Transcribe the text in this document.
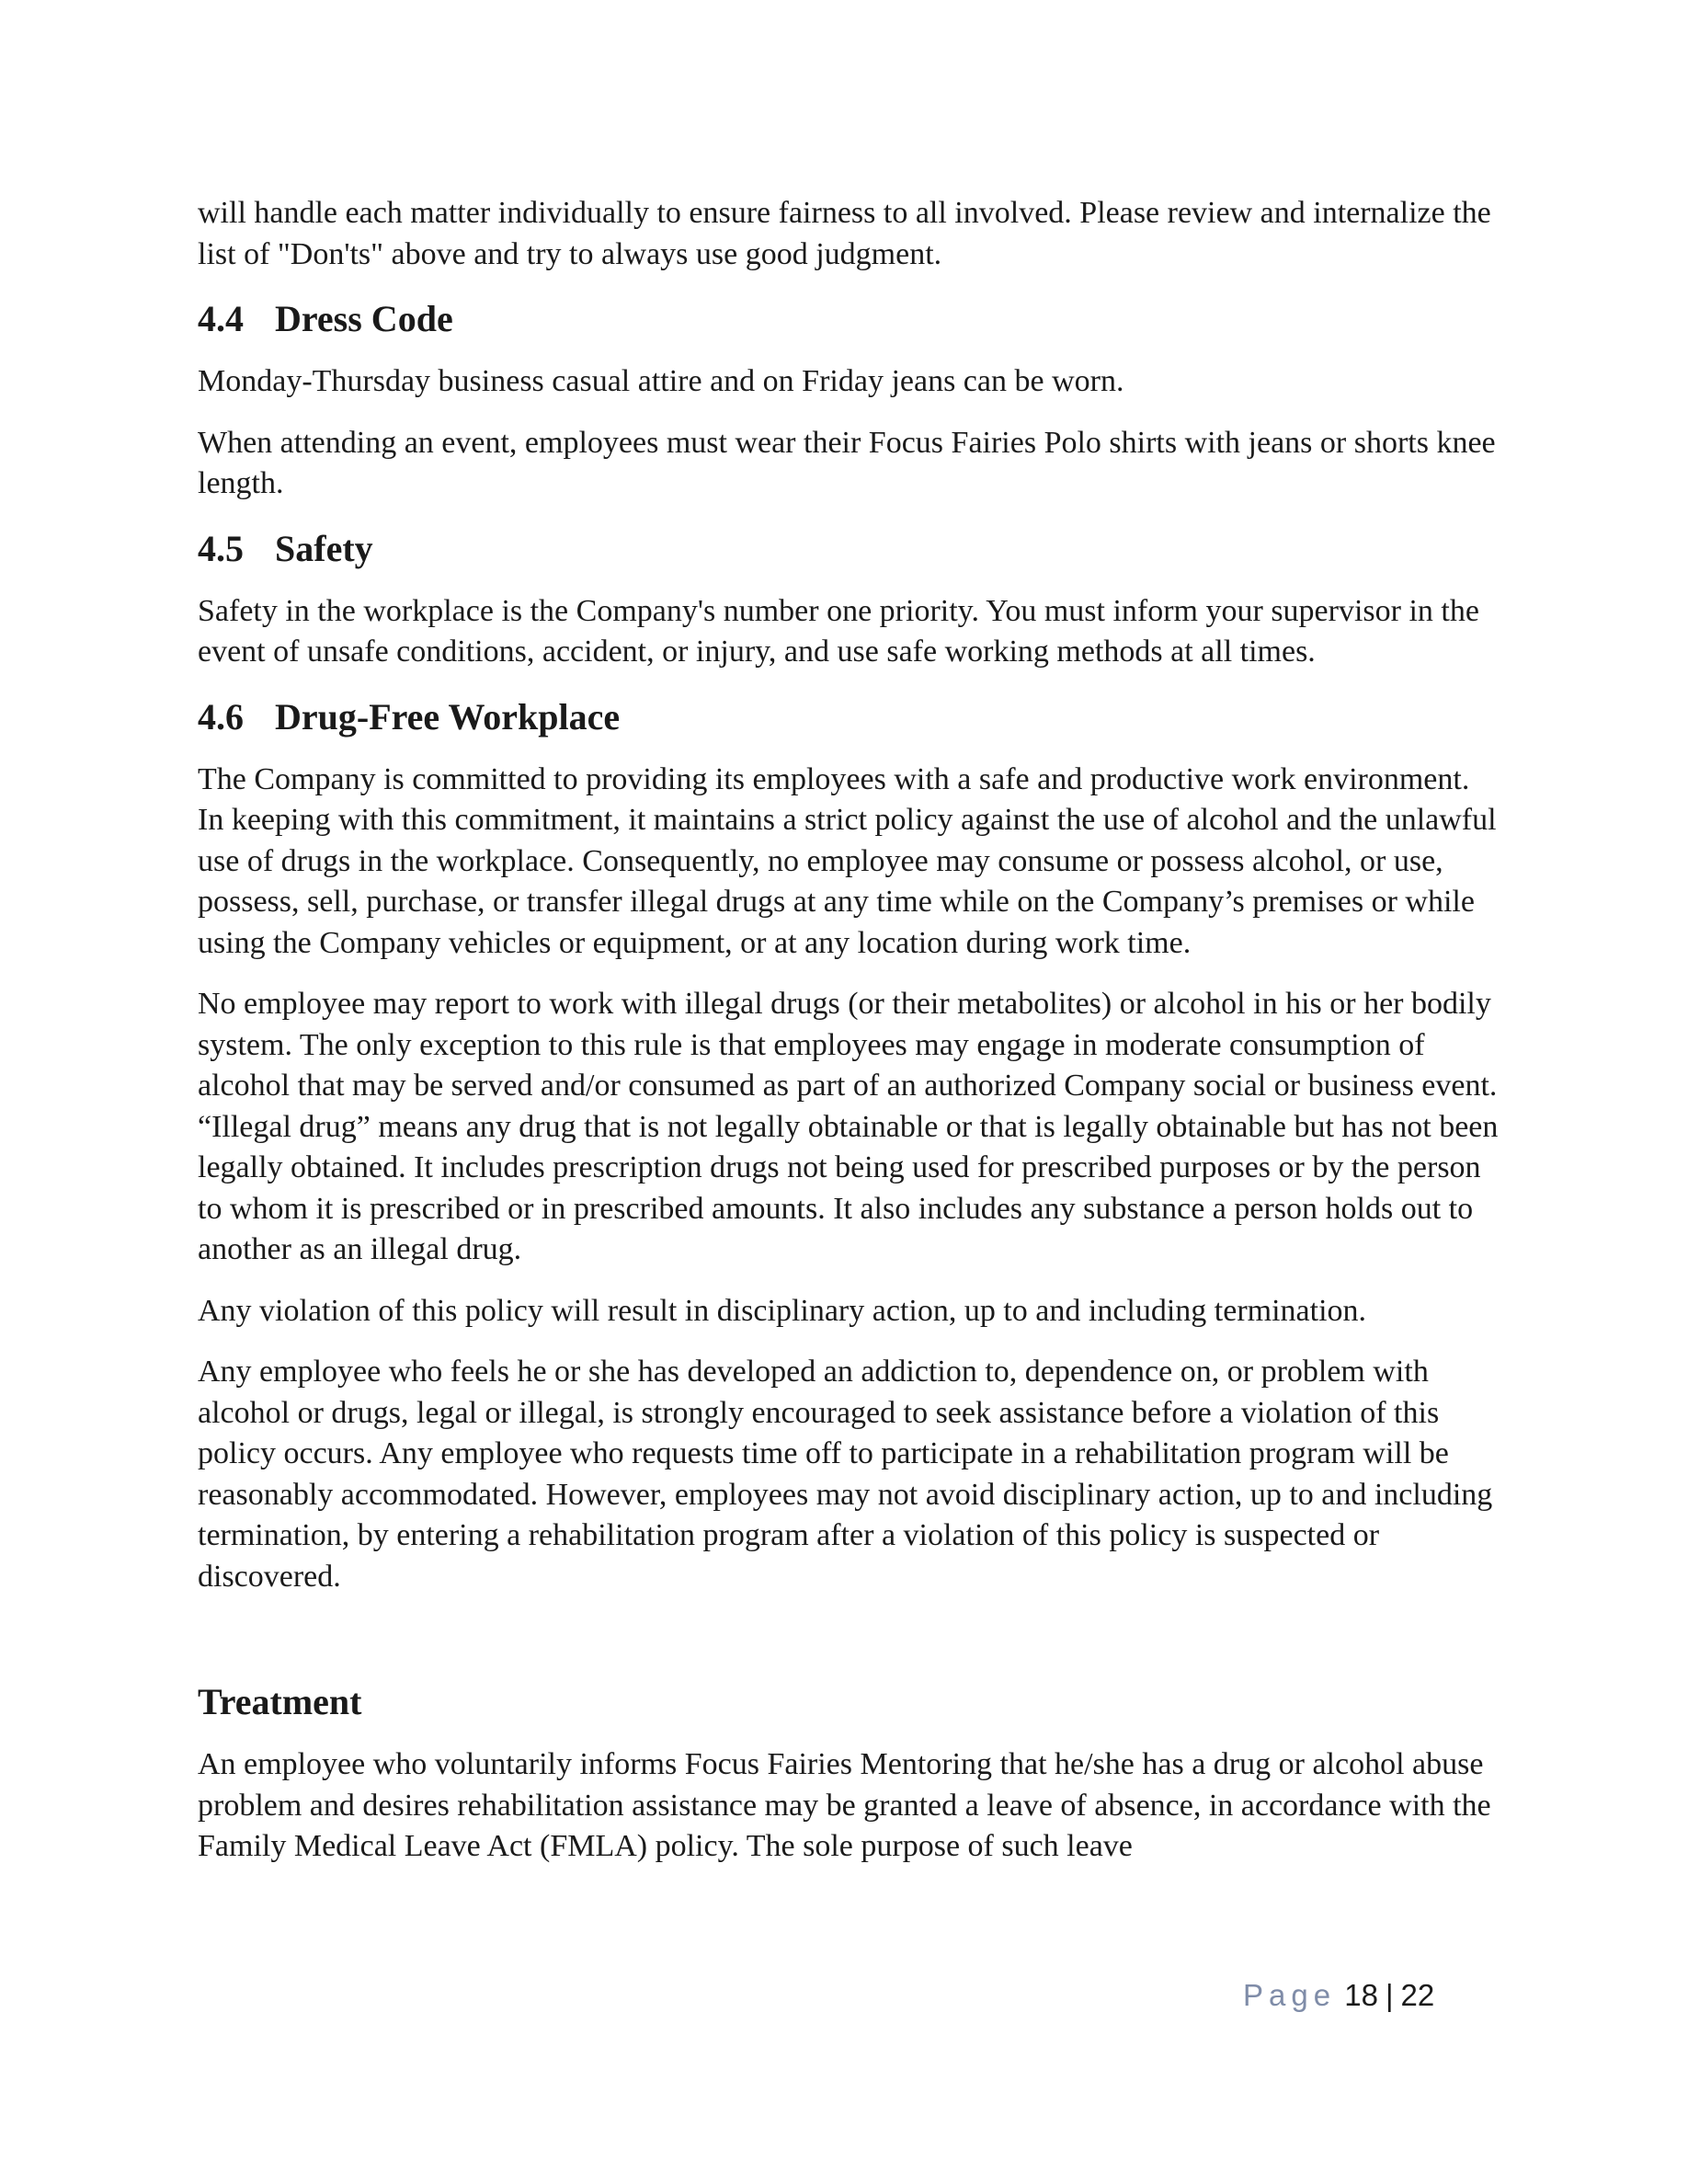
will handle each matter individually to ensure fairness to all involved. Please review and internalize the list of "Don'ts" above and try to always use good judgment.

4.4 Dress Code

Monday-Thursday business casual attire and on Friday jeans can be worn.

When attending an event, employees must wear their Focus Fairies Polo shirts with jeans or shorts knee length.

4.5 Safety

Safety in the workplace is the Company's number one priority. You must inform your supervisor in the event of unsafe conditions, accident, or injury, and use safe working methods at all times.

4.6 Drug-Free Workplace

The Company is committed to providing its employees with a safe and productive work environment. In keeping with this commitment, it maintains a strict policy against the use of alcohol and the unlawful use of drugs in the workplace. Consequently, no employee may consume or possess alcohol, or use, possess, sell, purchase, or transfer illegal drugs at any time while on the Company’s premises or while using the Company vehicles or equipment, or at any location during work time.

No employee may report to work with illegal drugs (or their metabolites) or alcohol in his or her bodily system. The only exception to this rule is that employees may engage in moderate consumption of alcohol that may be served and/or consumed as part of an authorized Company social or business event. “Illegal drug” means any drug that is not legally obtainable or that is legally obtainable but has not been legally obtained. It includes prescription drugs not being used for prescribed purposes or by the person to whom it is prescribed or in prescribed amounts. It also includes any substance a person holds out to another as an illegal drug.

Any violation of this policy will result in disciplinary action, up to and including termination.

Any employee who feels he or she has developed an addiction to, dependence on, or problem with alcohol or drugs, legal or illegal, is strongly encouraged to seek assistance before a violation of this policy occurs. Any employee who requests time off to participate in a rehabilitation program will be reasonably accommodated. However, employees may not avoid disciplinary action, up to and including termination, by entering a rehabilitation program after a violation of this policy is suspected or discovered.

Treatment

An employee who voluntarily informs Focus Fairies Mentoring that he/she has a drug or alcohol abuse problem and desires rehabilitation assistance may be granted a leave of absence, in accordance with the Family Medical Leave Act (FMLA) policy. The sole purpose of such leave

Page 18 | 22
